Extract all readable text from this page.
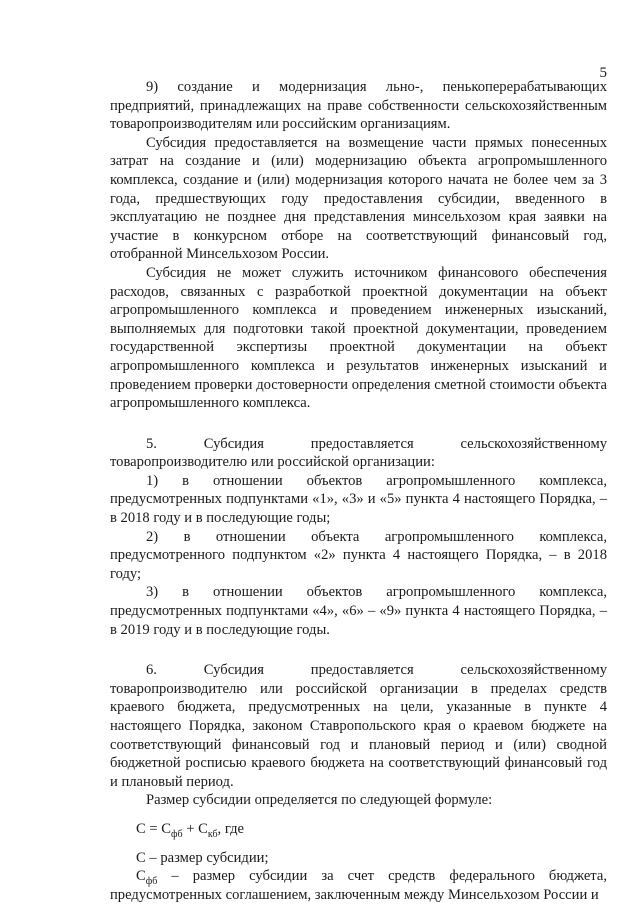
5

9) создание и модернизация льно-, пенькоперерабатывающих предприятий, принадлежащих на праве собственности сельскохозяйственным товаропроизводителям или российским организациям.

Субсидия предоставляется на возмещение части прямых понесенных затрат на создание и (или) модернизацию объекта агропромышленного комплекса, создание и (или) модернизация которого начата не более чем за 3 года, предшествующих году предоставления субсидии, введенного в эксплуатацию не позднее дня представления минсельхозом края заявки на участие в конкурсном отборе на соответствующий финансовый год, отобранной Минсельхозом России.

Субсидия не может служить источником финансового обеспечения расходов, связанных с разработкой проектной документации на объект агропромышленного комплекса и проведением инженерных изысканий, выполняемых для подготовки такой проектной документации, проведением государственной экспертизы проектной документации на объект агропромышленного комплекса и результатов инженерных изысканий и проведением проверки достоверности определения сметной стоимости объекта агропромышленного комплекса.

5. Субсидия предоставляется сельскохозяйственному товаропроизводителю или российской организации:

1) в отношении объектов агропромышленного комплекса, предусмотренных подпунктами «1», «3» и «5» пункта 4 настоящего Порядка, – в 2018 году и в последующие годы;

2) в отношении объекта агропромышленного комплекса, предусмотренного подпунктом «2» пункта 4 настоящего Порядка, – в 2018 году;

3) в отношении объектов агропромышленного комплекса, предусмотренных подпунктами «4», «6» – «9» пункта 4 настоящего Порядка, – в 2019 году и в последующие годы.

6. Субсидия предоставляется сельскохозяйственному товаропроизводителю или российской организации в пределах средств краевого бюджета, предусмотренных на цели, указанные в пункте 4 настоящего Порядка, законом Ставропольского края о краевом бюджете на соответствующий финансовый год и плановый период и (или) сводной бюджетной росписью краевого бюджета на соответствующий финансовый год и плановый период.

Размер субсидии определяется по следующей формуле:

$С = С_{фб} + С_{кб}$, где

С – размер субсидии;

$С_{фб}$ – размер субсидии за счет средств федерального бюджета, предусмотренных соглашением, заключенным между Минсельхозом России и
